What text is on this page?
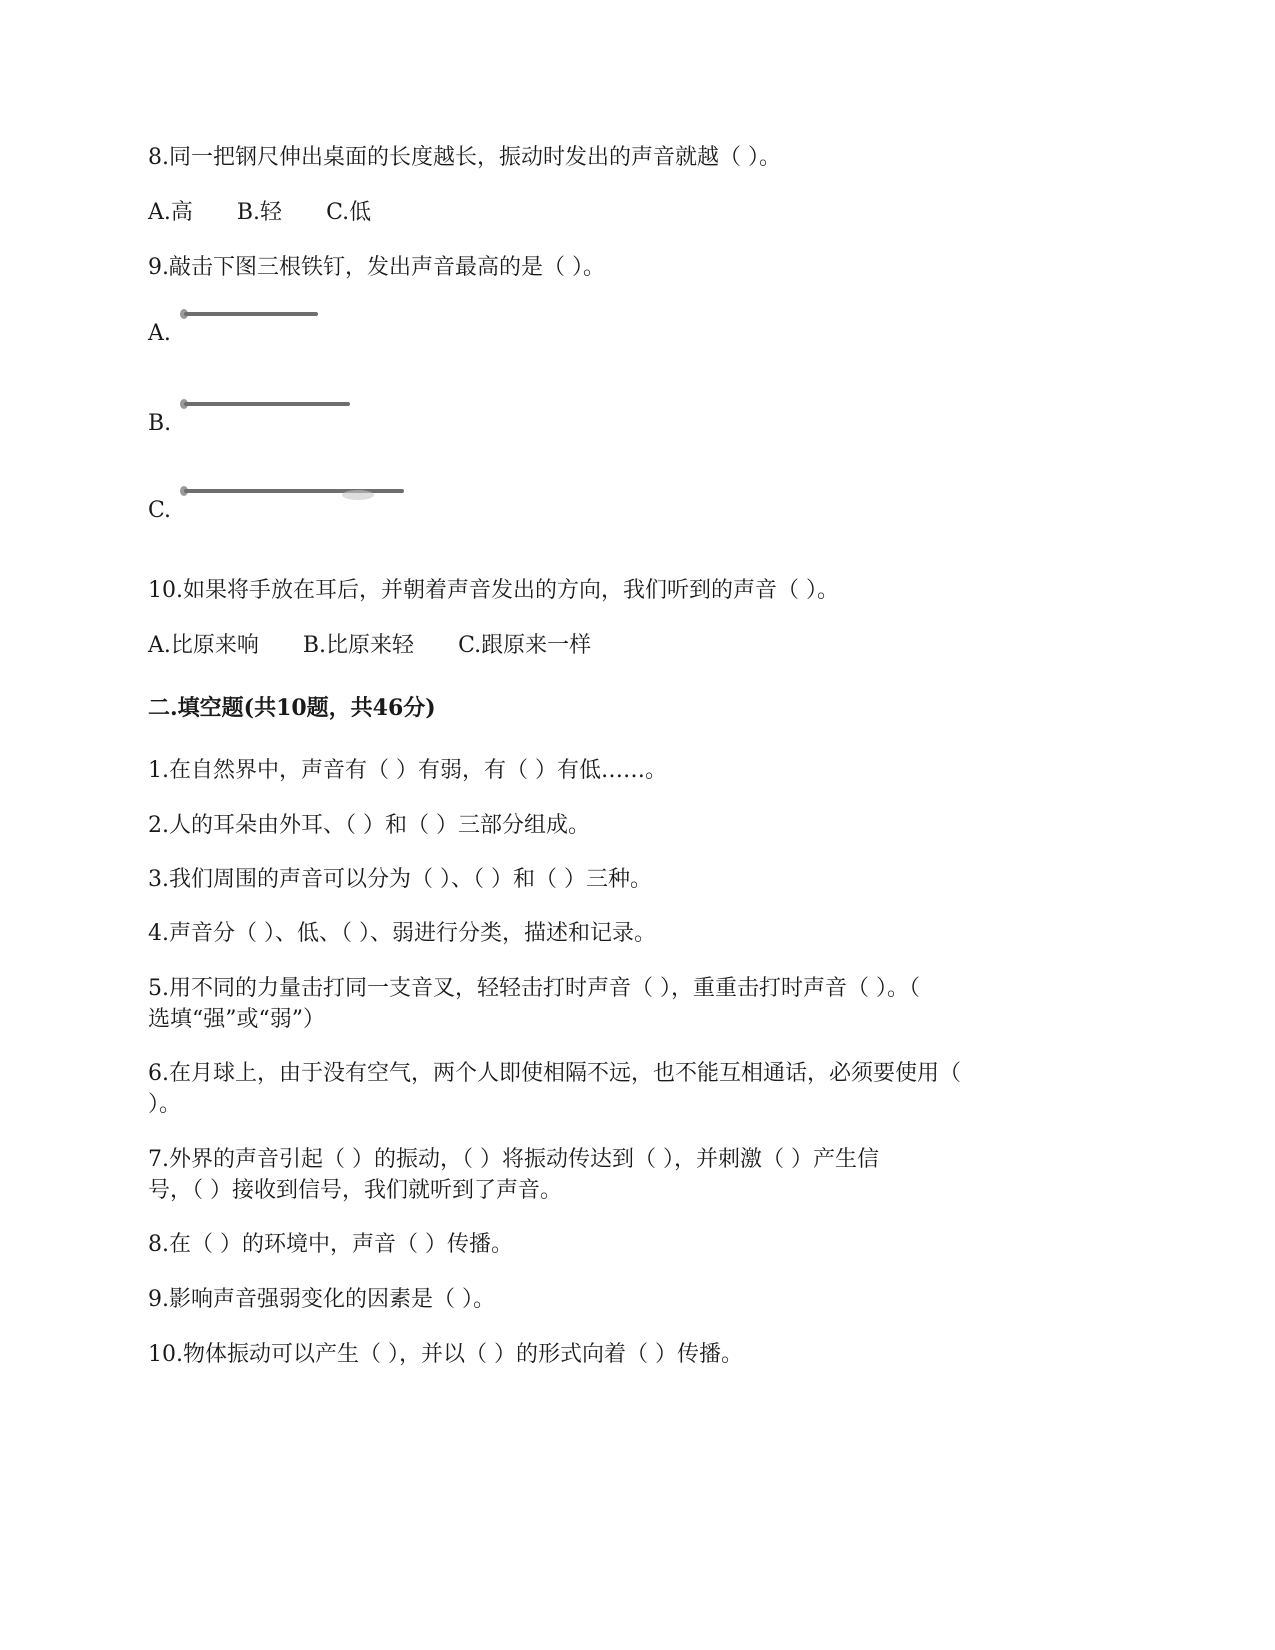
8.同一把钢尺伸出桌面的长度越长，振动时发出的声音就越（ ）。
A.高 B.轻 C.低
9.敲击下图三根铁钉，发出声音最高的是（ ）。
A.
B.
C.
10.如果将手放在耳后，并朝着声音发出的方向，我们听到的声音（ ）。
A.比原来响 B.比原来轻 C.跟原来一样
二.填空题(共10题，共46分)
1.在自然界中，声音有（ ）有弱，有（ ）有低……。
2.人的耳朵由外耳、（ ）和（ ）三部分组成。
3.我们周围的声音可以分为（ ）、（ ）和（ ）三种。
4.声音分（ ）、低、（ ）、弱进行分类，描述和记录。
5.用不同的力量击打同一支音叉，轻轻击打时声音（ ），重重击打时声音（ ）。（
选填“强”或“弱”）
6.在月球上，由于没有空气，两个人即使相隔不远，也不能互相通话，必须要使用（
）。
7.外界的声音引起（ ）的振动，（ ）将振动传达到（ ），并刺激（ ）产生信
号，（ ）接收到信号，我们就听到了声音。
8.在（ ）的环境中，声音（ ）传播。
9.影响声音强弱变化的因素是（ ）。
10.物体振动可以产生（ ），并以（ ）的形式向着（ ）传播。
